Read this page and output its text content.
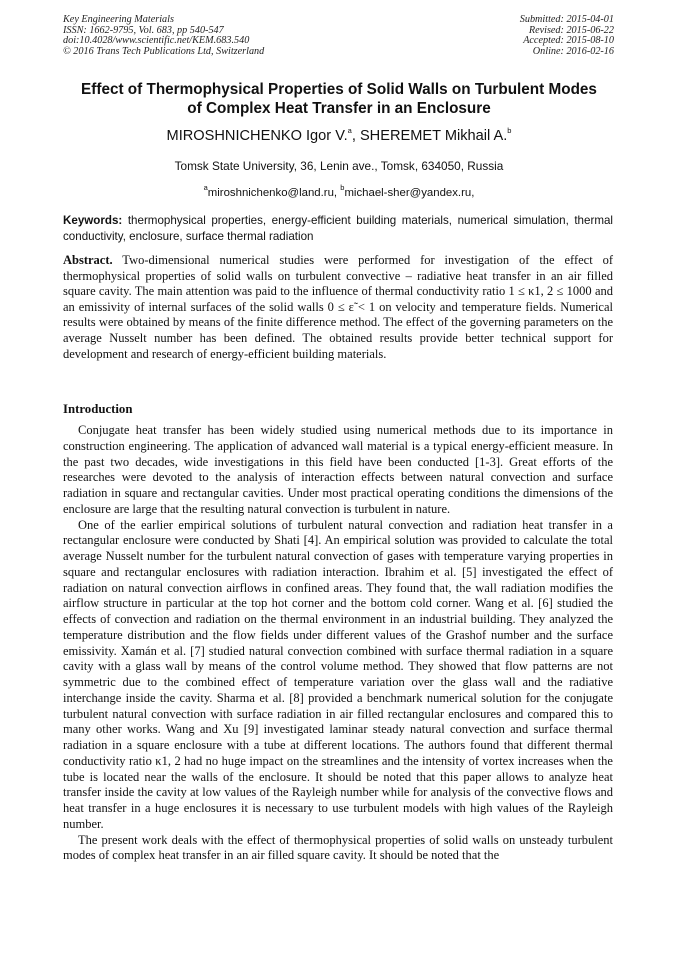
Key Engineering Materials
ISSN: 1662-9795, Vol. 683, pp 540-547
doi:10.4028/www.scientific.net/KEM.683.540
© 2016 Trans Tech Publications Ltd, Switzerland
Submitted: 2015-04-01
Revised: 2015-06-22
Accepted: 2015-08-10
Online: 2016-02-16
Effect of Thermophysical Properties of Solid Walls on Turbulent Modes
of Complex Heat Transfer in an Enclosure
MIROSHNICHENKO Igor V.$^a$, SHEREMET Mikhail A.$^b$
Tomsk State University, 36, Lenin ave., Tomsk, 634050, Russia
$^a$miroshnichenko@land.ru, $^b$michael-sher@yandex.ru,
Keywords: thermophysical properties, energy-efficient building materials, numerical simulation, thermal conductivity, enclosure, surface thermal radiation
Abstract. Two-dimensional numerical studies were performed for investigation of the effect of thermophysical properties of solid walls on turbulent convective – radiative heat transfer in an air filled square cavity. The main attention was paid to the influence of thermal conductivity ratio 1 ≤ κ1, 2 ≤ 1000 and an emissivity of internal surfaces of the solid walls 0 ≤ ε̃ < 1 on velocity and temperature fields. Numerical results were obtained by means of the finite difference method. The effect of the governing parameters on the average Nusselt number has been defined. The obtained results provide better technical support for development and research of energy-efficient building materials.
Introduction

Conjugate heat transfer has been widely studied using numerical methods due to its importance in construction engineering. The application of advanced wall material is a typical energy-efficient measure. In the past two decades, wide investigations in this field have been conducted [1-3]. Great efforts of the researches were devoted to the analysis of interaction effects between natural convection and surface radiation in square and rectangular cavities. Under most practical operating conditions the dimensions of the enclosure are large that the resulting natural convection is turbulent in nature.

One of the earlier empirical solutions of turbulent natural convection and radiation heat transfer in a rectangular enclosure were conducted by Shati [4]. An empirical solution was provided to calculate the total average Nusselt number for the turbulent natural convection of gases with temperature varying properties in square and rectangular enclosures with radiation interaction. Ibrahim et al. [5] investigated the effect of radiation on natural convection airflows in confined areas. They found that, the wall radiation modifies the airflow structure in particular at the top hot corner and the bottom cold corner. Wang et al. [6] studied the effects of convection and radiation on the thermal environment in an industrial building. They analyzed the temperature distribution and the flow fields under different values of the Grashof number and the surface emissivity. Xamán et al. [7] studied natural convection combined with surface thermal radiation in a square cavity with a glass wall by means of the control volume method. They showed that flow patterns are not symmetric due to the combined effect of temperature variation over the glass wall and the radiative interchange inside the cavity. Sharma et al. [8] provided a benchmark numerical solution for the conjugate turbulent natural convection with surface radiation in air filled rectangular enclosures and compared this to many other works. Wang and Xu [9] investigated laminar steady natural convection and surface thermal radiation in a square enclosure with a tube at different locations. The authors found that different thermal conductivity ratio κ1, 2 had no huge impact on the streamlines and the intensity of vortex increases when the tube is located near the walls of the enclosure. It should be noted that this paper allows to analyze heat transfer inside the cavity at low values of the Rayleigh number while for analysis of the convective flows and heat transfer in a huge enclosures it is necessary to use turbulent models with high values of the Rayleigh number.

The present work deals with the effect of thermophysical properties of solid walls on unsteady turbulent modes of complex heat transfer in an air filled square cavity. It should be noted that the
